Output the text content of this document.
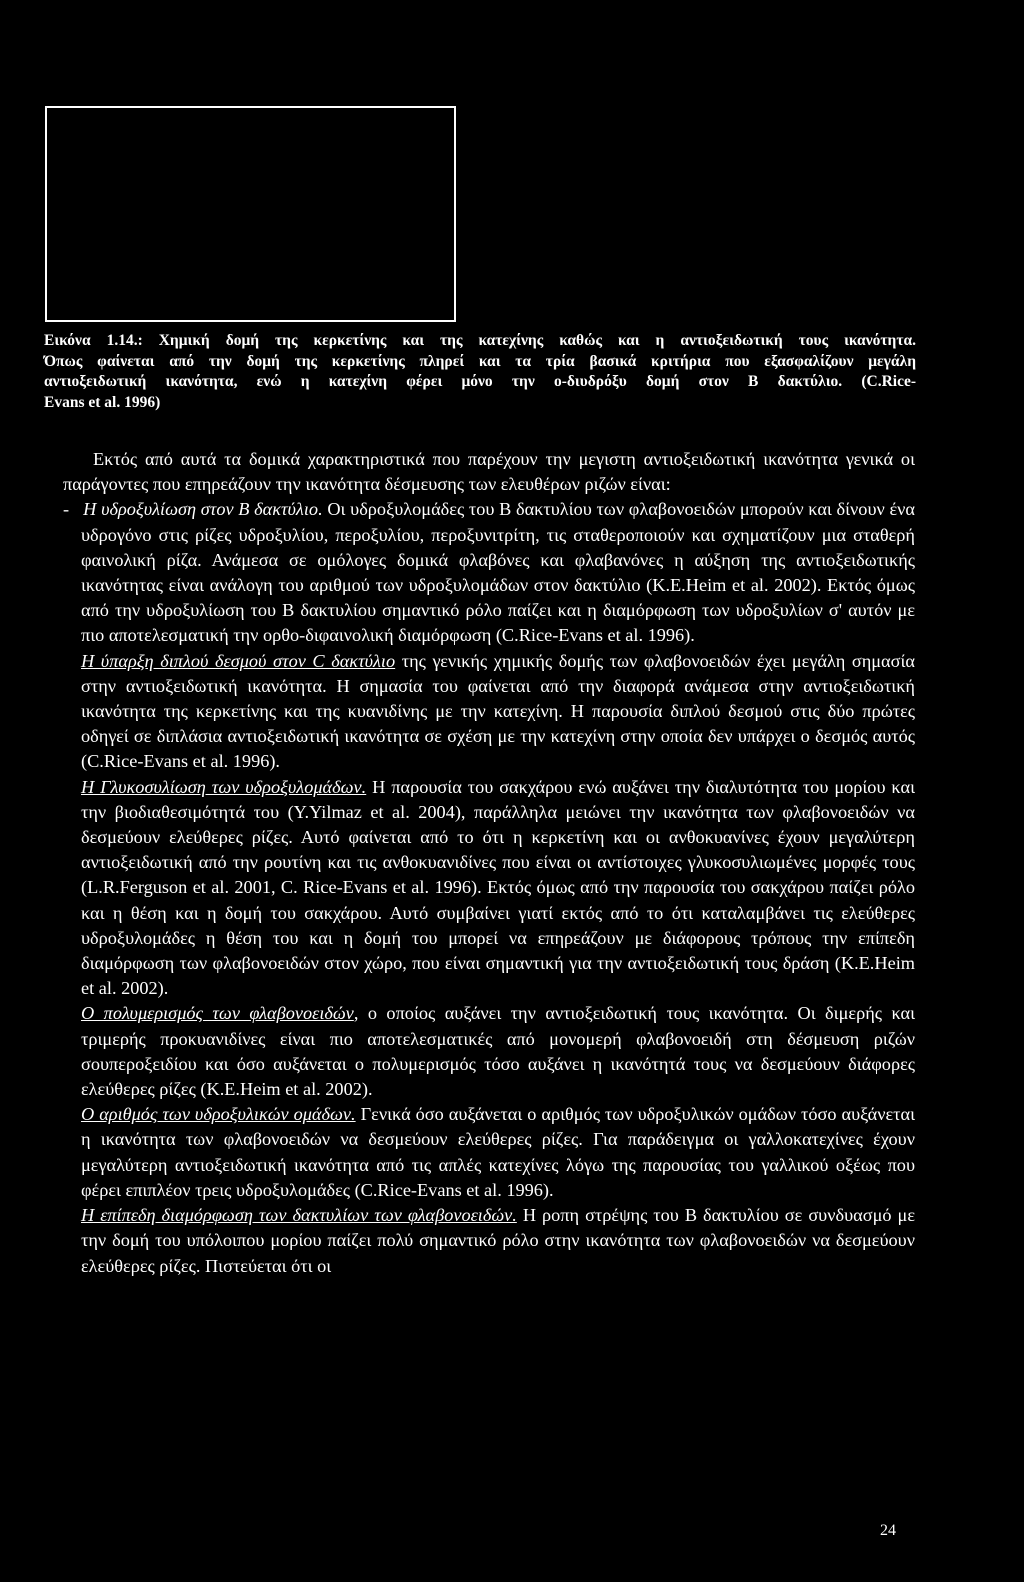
Εικόνα 1.14.: Χημική δομή της κερκετίνης και της κατεχίνης καθώς και η αντιοξειδωτική τους ικανότητα.
Όπως φαίνεται από την δομή της κερκετίνης πληρεί και τα τρία βασικά κριτήρια που εξασφαλίζουν μεγάλη
αντιοξειδωτική ικανότητα, ενώ η κατεχίνη φέρει μόνο την ο-διυδρόξυ δομή στον Β δακτύλιο. (C.Rice-
Evans et al. 1996)

Εκτός από αυτά τα δομικά χαρακτηριστικά που παρέχουν την μεγιστη αντιοξειδωτική ικανότητα γενικά οι παράγοντες που επηρεάζουν την ικανότητα δέσμευσης των ελευθέρων ριζών είναι:

- Η υδροξυλίωση στον Β δακτύλιο. Οι υδροξυλομάδες του Β δακτυλίου των φλαβονοειδών μπορούν και δίνουν ένα υδρογόνο στις ρίζες υδροξυλίου, περοξυλίου, περοξυνιτρίτη, τις σταθεροποιούν και σχηματίζουν μια σταθερή φαινολική ρίζα. Ανάμεσα σε ομόλογες δομικά φλαβόνες και φλαβανόνες η αύξηση της αντιοξειδωτικής ικανότητας είναι ανάλογη του αριθμού των υδροξυλομάδων στον δακτύλιο (K.E.Heim et al. 2002). Εκτός όμως από την υδροξυλίωση του Β δακτυλίου σημαντικό ρόλο παίζει και η διαμόρφωση των υδροξυλίων σ' αυτόν με πιο αποτελεσματική την ορθο-διφαινολική διαμόρφωση (C.Rice-Evans et al. 1996).

Η ύπαρξη διπλού δεσμού στον C δακτύλιο της γενικής χημικής δομής των φλαβονοειδών έχει μεγάλη σημασία στην αντιοξειδωτική ικανότητα. Η σημασία του φαίνεται από την διαφορά ανάμεσα στην αντιοξειδωτική ικανότητα της κερκετίνης και της κυανιδίνης με την κατεχίνη. Η παρουσία διπλού δεσμού στις δύο πρώτες οδηγεί σε διπλάσια αντιοξειδωτική ικανότητα σε σχέση με την κατεχίνη στην οποία δεν υπάρχει ο δεσμός αυτός (C.Rice-Evans et al. 1996).

Η Γλυκοσυλίωση των υδροξυλομάδων. Η παρουσία του σακχάρου ενώ αυξάνει την διαλυτότητα του μορίου και την βιοδιαθεσιμότητά του (Y.Yilmaz et al. 2004), παράλληλα μειώνει την ικανότητα των φλαβονοειδών να δεσμεύουν ελεύθερες ρίζες. Αυτό φαίνεται από το ότι η κερκετίνη και οι ανθοκυανίνες έχουν μεγαλύτερη αντιοξειδωτική από την ρουτίνη και τις ανθοκυανιδίνες που είναι οι αντίστοιχες γλυκοσυλιωμένες μορφές τους (L.R.Ferguson et al. 2001, C. Rice-Evans et al. 1996). Εκτός όμως από την παρουσία του σακχάρου παίζει ρόλο και η θέση και η δομή του σακχάρου. Αυτό συμβαίνει γιατί εκτός από το ότι καταλαμβάνει τις ελεύθερες υδροξυλομάδες η θέση του και η δομή του μπορεί να επηρεάζουν με διάφορους τρόπους την επίπεδη διαμόρφωση των φλαβονοειδών στον χώρο, που είναι σημαντική για την αντιοξειδωτική τους δράση (K.E.Heim et al. 2002).

Ο πολυμερισμός των φλαβονοειδών, ο οποίος αυξάνει την αντιοξειδωτική τους ικανότητα. Οι διμερής και τριμερής προκυανιδίνες είναι πιο αποτελεσματικές από μονομερή φλαβονοειδή στη δέσμευση ριζών σουπεροξειδίου και όσο αυξάνεται ο πολυμερισμός τόσο αυξάνει η ικανότητά τους να δεσμεύουν διάφορες ελεύθερες ρίζες (K.E.Heim et al. 2002).

Ο αριθμός των υδροξυλικών ομάδων. Γενικά όσο αυξάνεται ο αριθμός των υδροξυλικών ομάδων τόσο αυξάνεται η ικανότητα των φλαβονοειδών να δεσμεύουν ελεύθερες ρίζες. Για παράδειγμα οι γαλλοκατεχίνες έχουν μεγαλύτερη αντιοξειδωτική ικανότητα από τις απλές κατεχίνες λόγω της παρουσίας του γαλλικού οξέως που φέρει επιπλέον τρεις υδροξυλομάδες (C.Rice-Evans et al. 1996).

Η επίπεδη διαμόρφωση των δακτυλίων των φλαβονοειδών. Η ροπη στρέψης του Β δακτυλίου σε συνδυασμό με την δομή του υπόλοιπου μορίου παίζει πολύ σημαντικό ρόλο στην ικανότητα των φλαβονοειδών να δεσμεύουν ελεύθερες ρίζες. Πιστεύεται ότι οι

24
